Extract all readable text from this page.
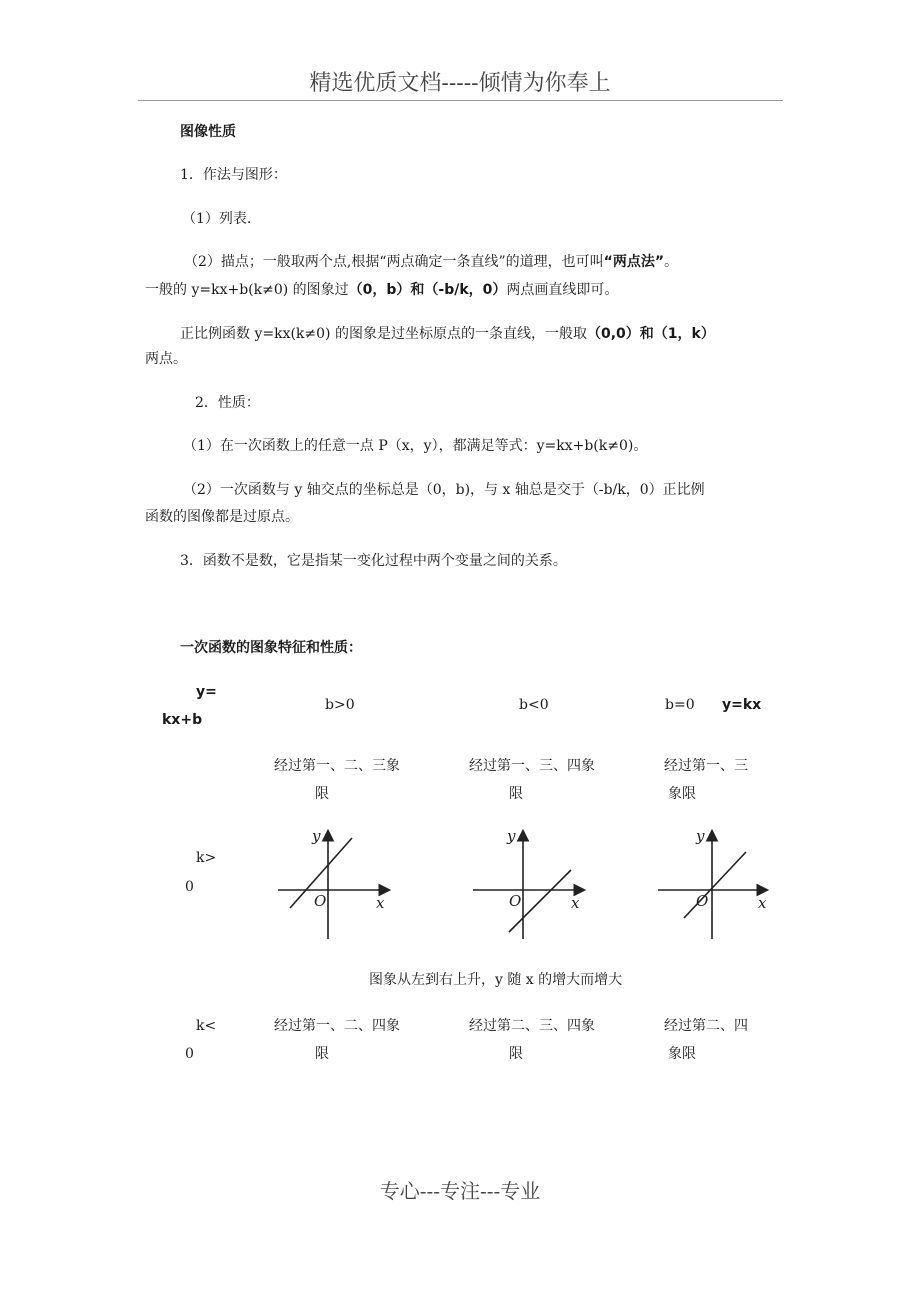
精选优质文档-----倾情为你奉上
图像性质
1．作法与图形：
（1）列表.
（2）描点；一般取两个点,根据“两点确定一条直线”的道理，也可叫“两点法”。
一般的 y=kx+b(k≠0) 的图象过（0，b）和（-b/k，0）两点画直线即可。
正比例函数 y=kx(k≠0) 的图象是过坐标原点的一条直线，一般取（0,0）和（1，k）
两点。
2．性质：
（1）在一次函数上的任意一点 P（x，y），都满足等式：y=kx+b(k≠0)。
（2）一次函数与 y 轴交点的坐标总是（0，b)，与 x 轴总是交于（-b/k，0）正比例
函数的图像都是过原点。
3．函数不是数，它是指某一变化过程中两个变量之间的关系。
一次函数的图象特征和性质：
y=
kx+b
b>0	b<0	b=0 y=kx
经过第一、二、三象
限
经过第一、三、四象
限
经过第一、三
象限
k>
0
y
x
O
y
x
O
y
x
O
图象从左到右上升，y 随 x 的增大而增大
k<
0
经过第一、二、四象
限
经过第二、三、四象
限
经过第二、四
象限
专心---专注---专业
